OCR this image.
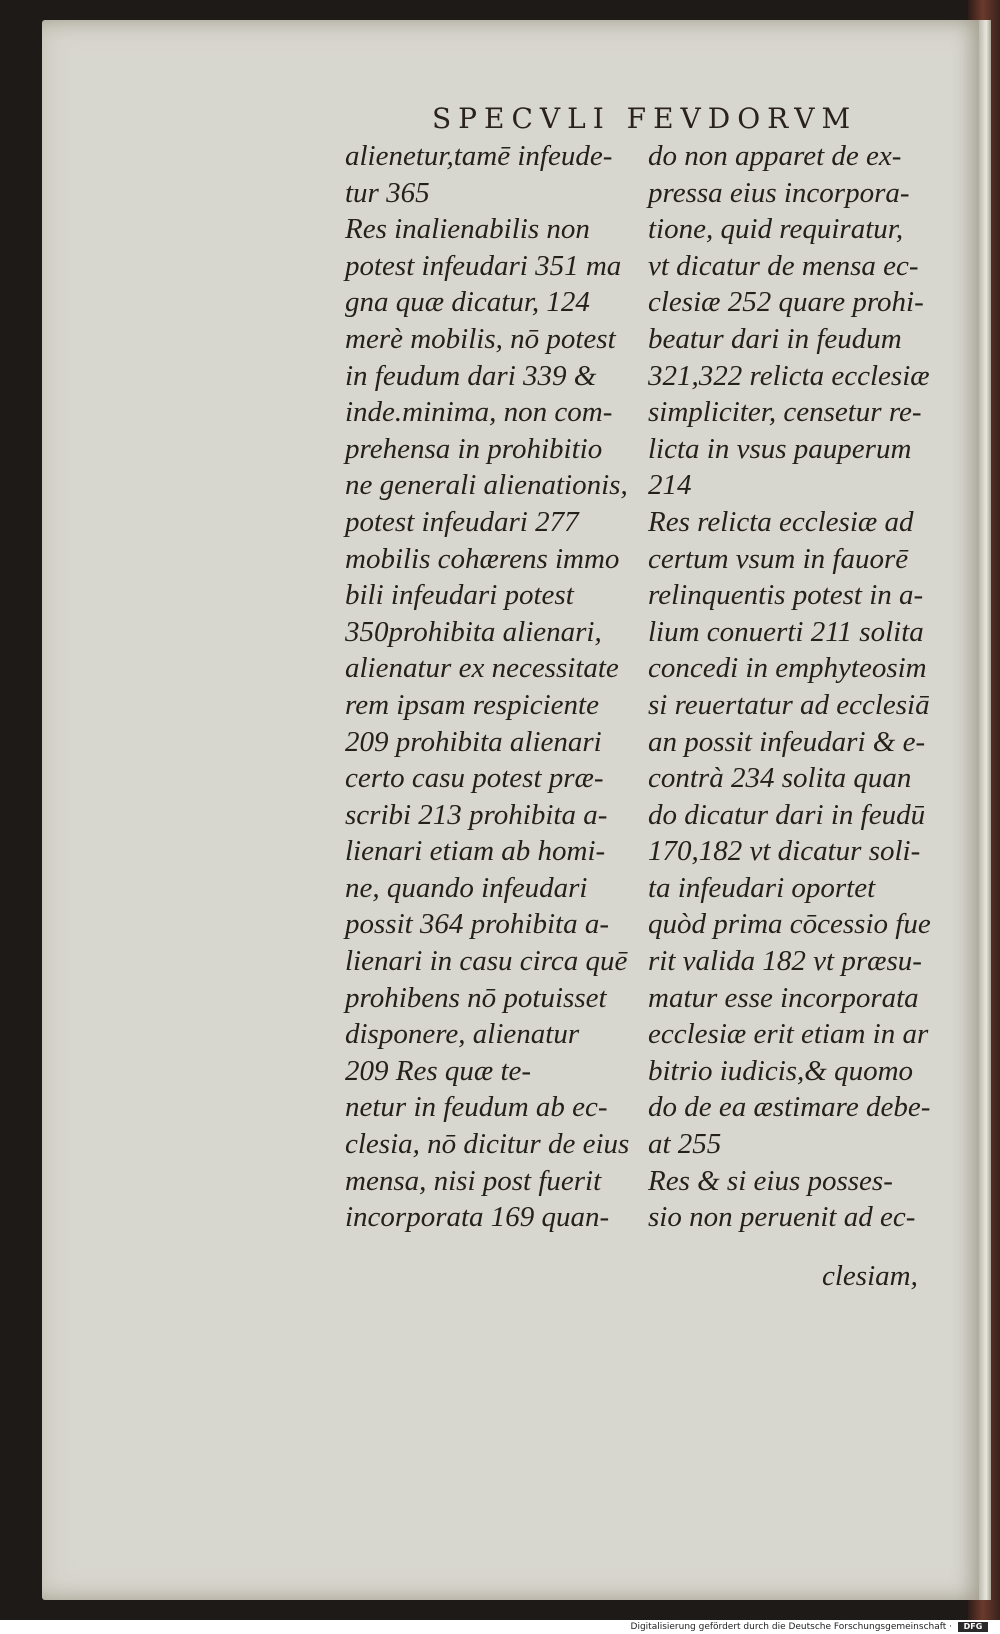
SPECVLI FEVDORVM
alienetur,tamē infeude-
tur 365
Res inalienabilis non
potest infeudari 351 ma
gna quæ dicatur, 124
merè mobilis, nō potest
in feudum dari 339 &
inde.minima, non com-
prehensa in prohibitio
ne generali alienationis,
potest infeudari 277
mobilis cohærens immo
bili infeudari potest
350prohibita alienari,
alienatur ex necessitate
rem ipsam respiciente
209 prohibita alienari
certo casu potest præ-
scribi 213 prohibita a-
lienari etiam ab homi-
ne, quando infeudari
possit 364 prohibita a-
lienari in casu circa quē
prohibens nō potuisset
disponere, alienatur
209 Res quæ te-
netur in feudum ab ec-
clesia, nō dicitur de eius
mensa, nisi post fuerit
incorporata 169 quan-
do non apparet de ex-
pressa eius incorpora-
tione, quid requiratur,
vt dicatur de mensa ec-
clesiæ 252 quare prohi-
beatur dari in feudum
321,322 relicta ecclesiæ
simpliciter, censetur re-
licta in vsus pauperum
214
Res relicta ecclesiæ ad
certum vsum in fauorē
relinquentis potest in a-
lium conuerti 211 solita
concedi in emphyteosim
si reuertatur ad ecclesiā
an possit infeudari & e-
contrà 234 solita quan
do dicatur dari in feudū
170,182 vt dicatur soli-
ta infeudari oportet
quòd prima cōcessio fue
rit valida 182 vt præsu-
matur esse incorporata
ecclesiæ erit etiam in ar
bitrio iudicis,& quomo
do de ea æstimare debe-
at 255
Res & si eius posses-
sio non peruenit ad ec-
clesiam,
Digitalisierung gefördert durch die Deutsche Forschungsgemeinschaft ·	DFG
